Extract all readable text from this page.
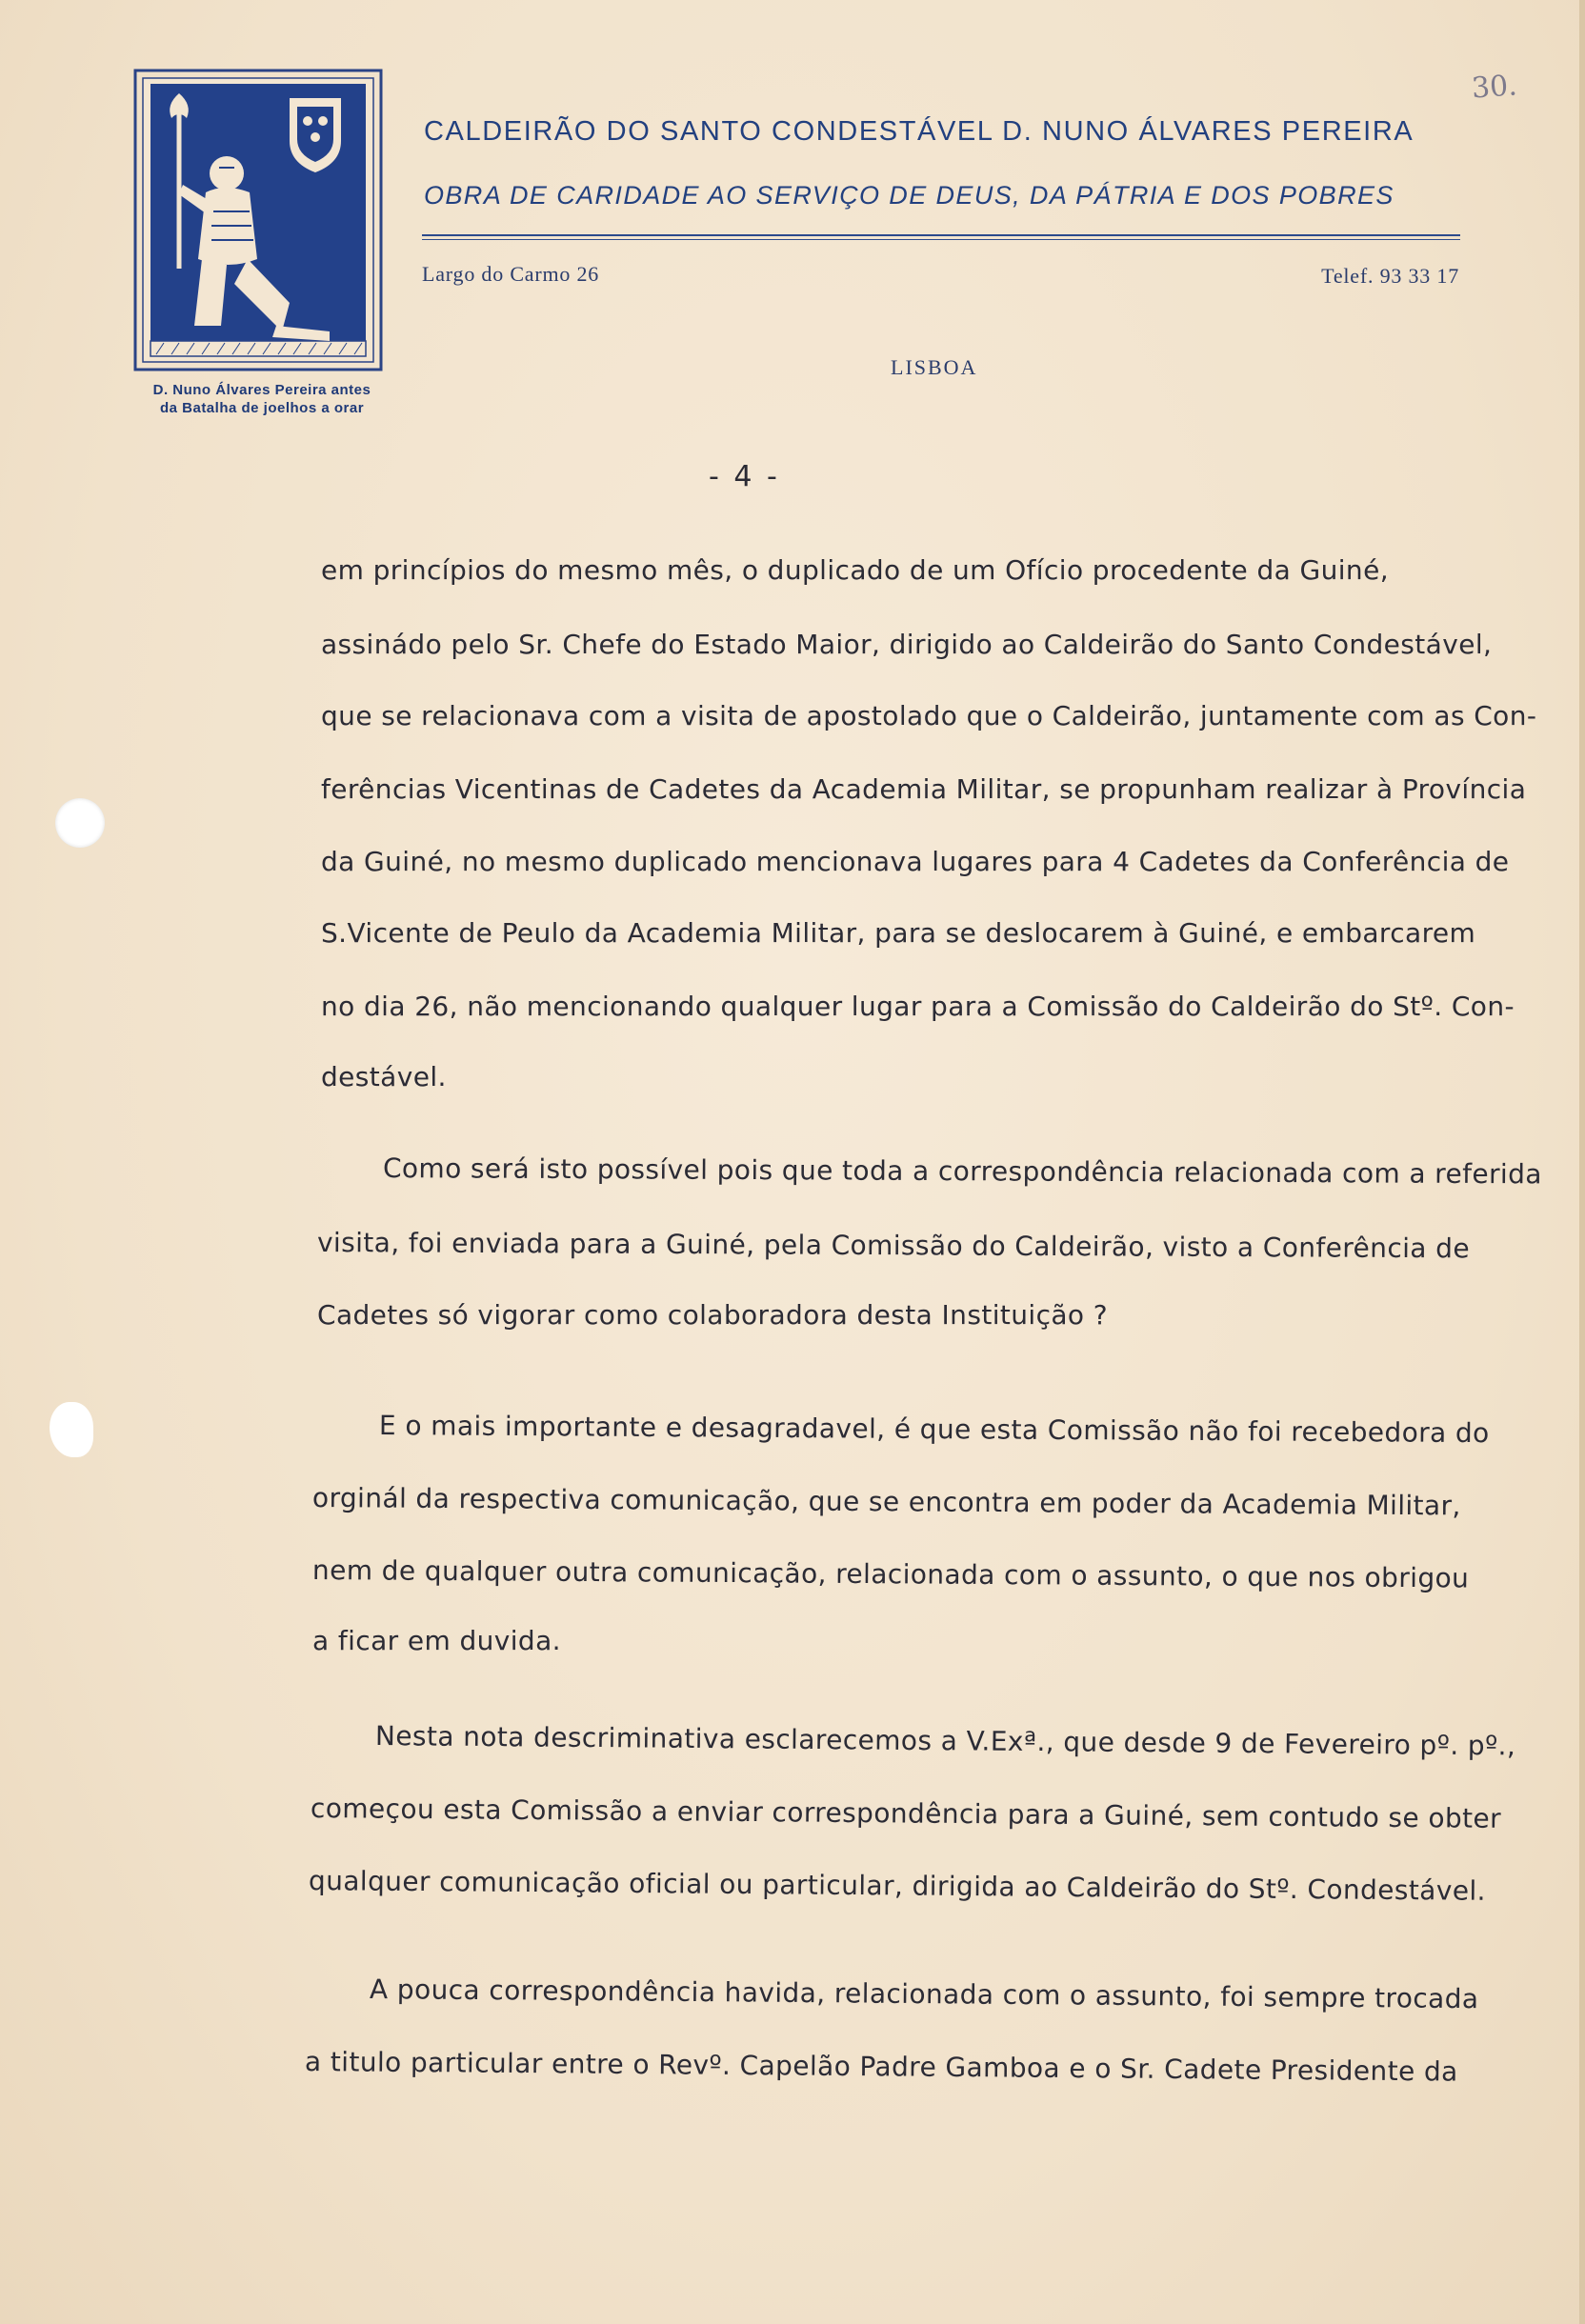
D. Nuno Álvares Pereira antes
da Batalha de joelhos a orar
CALDEIRÃO DO SANTO CONDESTÁVEL D. NUNO ÁLVARES PEREIRA
OBRA DE CARIDADE AO SERVIÇO DE DEUS, DA PÁTRIA E DOS POBRES
Largo do Carmo 26	Telef. 93 33 17
LISBOA
30.
- 4 -
em princípios do mesmo mês, o duplicado de um Ofício procedente da Guiné,
assinádo pelo Sr. Chefe do Estado Maior, dirigido ao Caldeirão do Santo Condestável,
que se relacionava com a visita de apostolado que o Caldeirão, juntamente com as Con-
ferências Vicentinas de Cadetes da Academia Militar, se propunham realizar à Província
da Guiné, no mesmo duplicado mencionava lugares para 4 Cadetes da Conferência de
S.Vicente de Peulo da Academia Militar, para se deslocarem à Guiné, e embarcarem
no dia 26, não mencionando qualquer lugar para a Comissão do Caldeirão do Stº. Con-
destável.
Como será isto possível pois que toda a correspondência relacionada com a referida
visita, foi enviada para a Guiné, pela Comissão do Caldeirão, visto a Conferência de
Cadetes só vigorar como colaboradora desta Instituição ?
E o mais importante e desagradavel, é que esta Comissão não foi recebedora do
orginál da respectiva comunicação, que se encontra em poder da Academia Militar,
nem de qualquer outra comunicação, relacionada com o assunto, o que nos obrigou
a ficar em duvida.
Nesta nota descriminativa esclarecemos a V.Exª., que desde 9 de Fevereiro pº. pº.,
começou esta Comissão a enviar correspondência para a Guiné, sem contudo se obter
qualquer comunicação oficial ou particular, dirigida ao Caldeirão do Stº. Condestável.
A pouca correspondência havida, relacionada com o assunto, foi sempre trocada
a titulo particular entre o Revº. Capelão Padre Gamboa e o Sr. Cadete Presidente da
